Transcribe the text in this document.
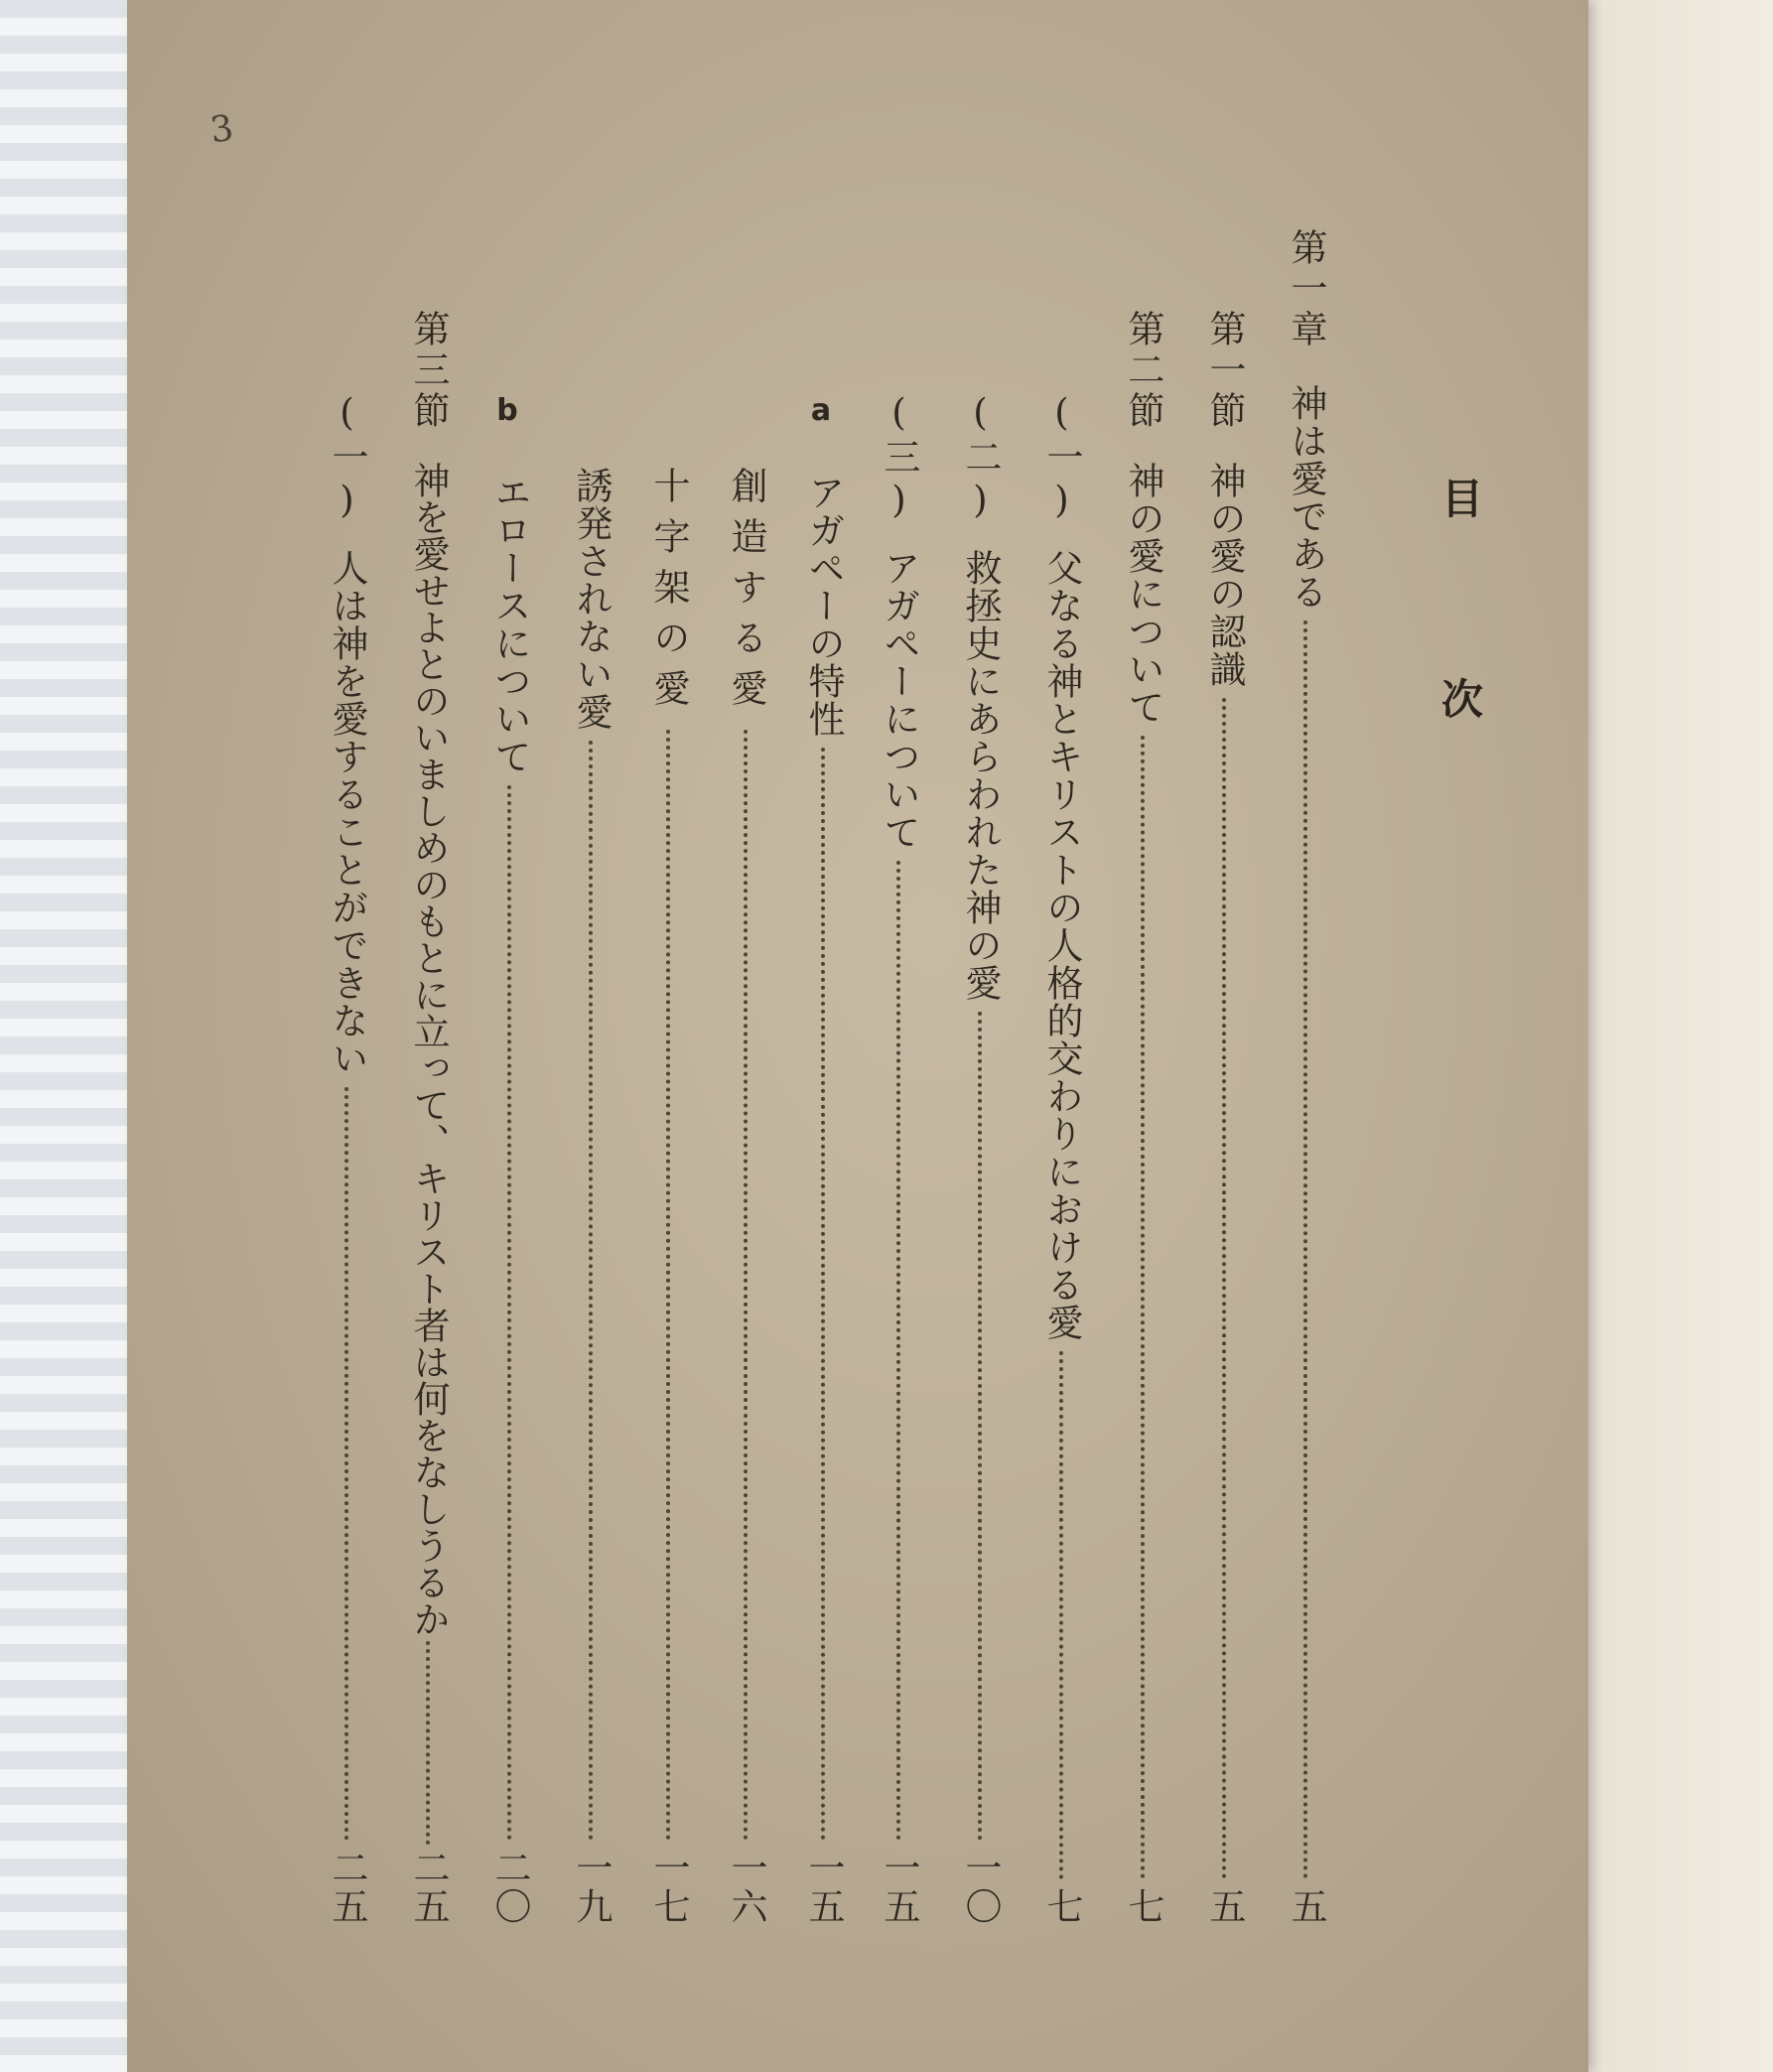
3
目次
第一章
神は愛である
五
第一節
神の愛の認識
五
第二節
神の愛について
七
(一)
父なる神とキリストの人格的交わりにおける愛
七
(二)
救拯史にあらわれた神の愛
一〇
(三)
アガペーについて
一五
a
アガペーの特性
一五
創造する愛
一六
十字架の愛
一七
誘発されない愛
一九
b
エロースについて
二〇
第三節
神を愛せよとのいましめのもとに立って、キリスト者は何をなしうるか
二五
(一)
人は神を愛することができない
二五
